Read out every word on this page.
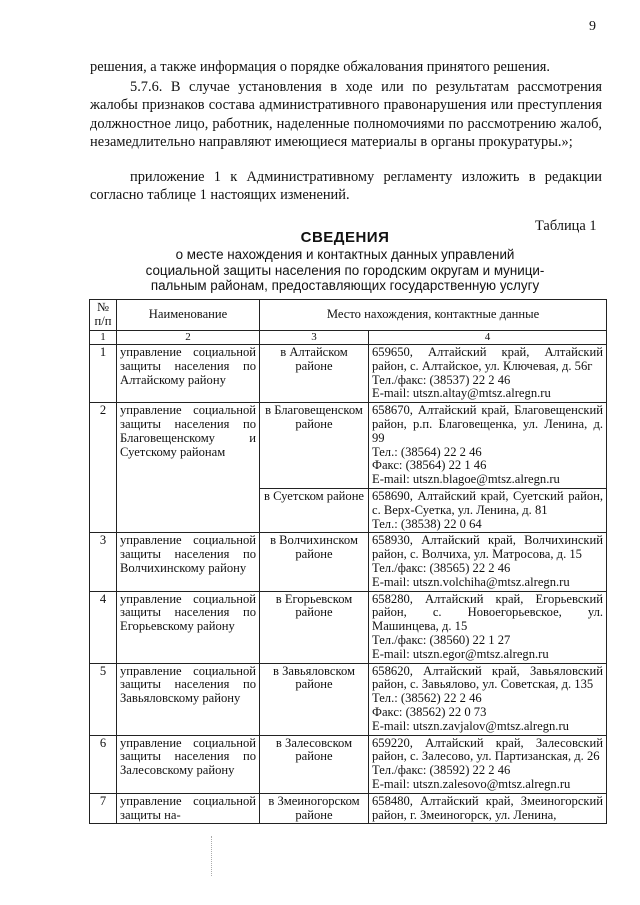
9

решения, а также информация о порядке обжалования принятого решения.

5.7.6. В случае установления в ходе или по результатам рассмотрения жалобы признаков состава административного правонарушения или преступления должностное лицо, работник, наделенные полномочиями по рассмотрению жалоб, незамедлительно направляют имеющиеся материалы в органы прокуратуры.»;

приложение 1 к Административному регламенту изложить в редакции согласно таблице 1 настоящих изменений.

Таблица 1
СВЕДЕНИЯ
о месте нахождения и контактных данных управлений
социальной защиты населения по городским округам и муници-
пальным районам, предоставляющих государственную услугу
№ п/п	Наименование	Место нахождения, контактные данные	
1	2	3	4
1	управление социальной защиты населения по Алтайскому району	в Алтайском районе	659650, Алтайский край, Алтайский район, с. Алтайское, ул. Ключевая, д. 56г
Тел./факс: (38537) 22 2 46
E-mail: utszn.altay@mtsz.alregn.ru

2	управление социальной защиты населения по Благовещенскому и Суетскому районам	в Благовещенском районе	658670, Алтайский край, Благовещенский район, р.п. Благовещенка, ул. Ленина, д. 99
Тел.: (38564) 22 2 46
Факс: (38564) 22 1 46
E-mail: utszn.blagoe@mtsz.alregn.ru

		в Суетском районе	658690, Алтайский край, Суетский район, с. Верх-Суетка, ул. Ленина, д. 81
Тел.: (38538) 22 0 64

3	управление социальной защиты населения по Волчихинскому району	в Волчихинском районе	658930, Алтайский край, Волчихинский район, с. Волчиха, ул. Матросова, д. 15
Тел./факс: (38565) 22 2 46
E-mail: utszn.volchiha@mtsz.alregn.ru

4	управление социальной защиты населения по Егорьевскому району	в Егорьевском районе	658280, Алтайский край, Егорьевский район, с. Новоегорьевское, ул. Машинцева, д. 15
Тел./факс: (38560) 22 1 27
E-mail: utszn.egor@mtsz.alregn.ru

5	управление социальной защиты населения по Завьяловскому району	в Завьяловском районе	658620, Алтайский край, Завьяловский район, с. Завьялово, ул. Советская, д. 135
Тел.: (38562) 22 2 46
Факс: (38562) 22 0 73
E-mail: utszn.zavjalov@mtsz.alregn.ru

6	управление социальной защиты населения по Залесовскому району	в Залесовском районе	659220, Алтайский край, Залесовский район, с. Залесово, ул. Партизанская, д. 26
Тел./факс: (38592) 22 2 46
E-mail: utszn.zalesovo@mtsz.alregn.ru

7	управление социальной защиты на-	в Змеиногорском районе	658480, Алтайский край, Змеиногорский район, г. Змеиногорск, ул. Ленина,
